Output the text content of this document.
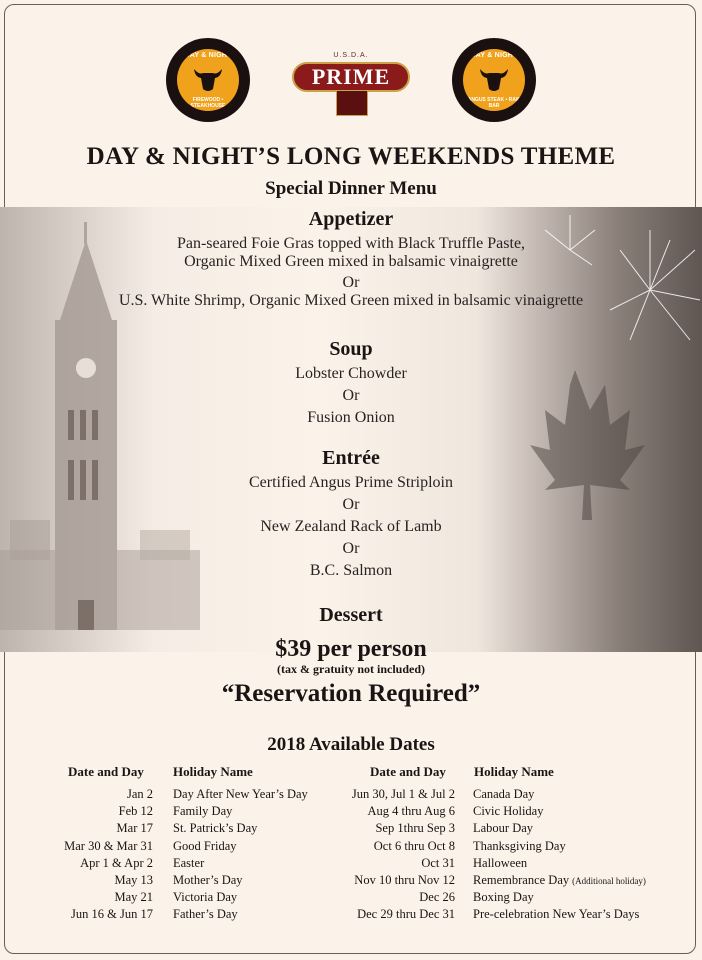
DAY & NIGHT
FIREWOOD • STEAKHOUSE
U.S.D.A.
PRIME
DAY & NIGHT
ANGUS STEAK • RAW BAR
DAY & NIGHT’S LONG WEEKENDS THEME
Special Dinner Menu
Appetizer
Pan-seared Foie Gras topped with Black Truffle Paste,
Organic Mixed Green mixed in balsamic vinaigrette
Or
U.S. White Shrimp, Organic Mixed Green mixed in balsamic vinaigrette
Soup
Lobster Chowder
Or
Fusion Onion
Entrée
Certified Angus Prime Striploin
Or
New Zealand Rack of Lamb
Or
B.C. Salmon
Dessert
$39 per person
(tax & gratuity not included)
“Reservation Required”
2018 Available Dates
Date and Day Holiday Name
Jan 2 Day After New Year’s Day
Feb 12 Family Day
Mar 17 St. Patrick’s Day
Mar 30 & Mar 31 Good Friday
Apr 1 & Apr 2 Easter
May 13 Mother’s Day
May 21 Victoria Day
Jun 16 & Jun 17 Father’s Day
Date and Day Holiday Name
Jun 30, Jul 1 & Jul 2 Canada Day
Aug 4 thru Aug 6 Civic Holiday
Sep 1thru Sep 3 Labour Day
Oct 6 thru Oct 8 Thanksgiving Day
Oct 31 Halloween
Nov 10 thru Nov 12 Remembrance Day (Additional holiday)
Dec 26 Boxing Day
Dec 29 thru Dec 31 Pre-celebration New Year’s Days
